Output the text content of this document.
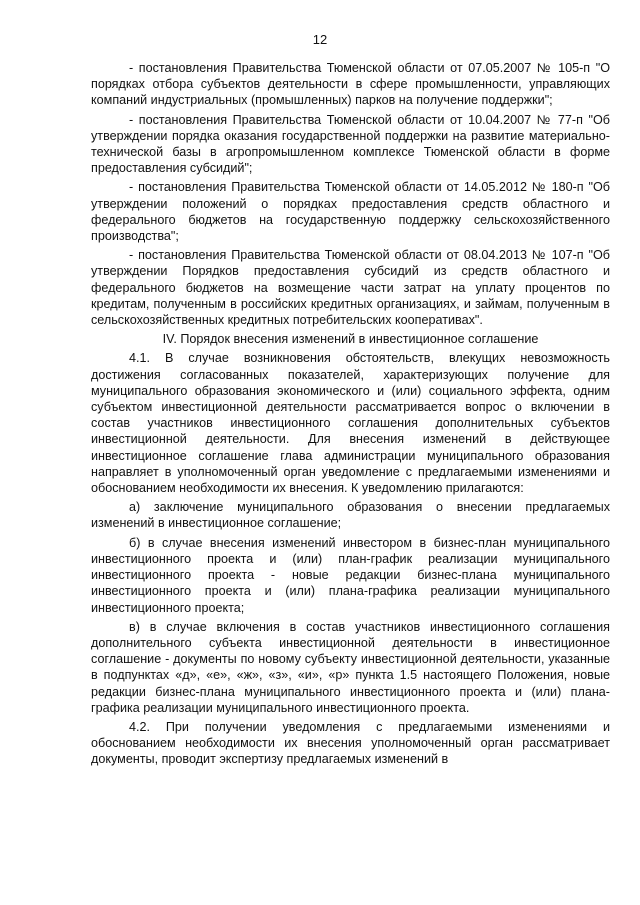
12

- постановления Правительства Тюменской области от 07.05.2007 № 105-п "О порядках отбора субъектов деятельности в сфере промышленности, управляющих компаний индустриальных (промышленных) парков на получение поддержки";

- постановления Правительства Тюменской области от 10.04.2007 № 77-п "Об утверждении порядка оказания государственной поддержки на развитие материально-технической базы в агропромышленном комплексе Тюменской области в форме предоставления субсидий";

- постановления Правительства Тюменской области от 14.05.2012 № 180-п "Об утверждении положений о порядках предоставления средств областного и федерального бюджетов на государственную поддержку сельскохозяйственного производства";

- постановления Правительства Тюменской области от 08.04.2013 № 107-п "Об утверждении Порядков предоставления субсидий из средств областного и федерального бюджетов на возмещение части затрат на уплату процентов по кредитам, полученным в российских кредитных организациях, и займам, полученным в сельскохозяйственных кредитных потребительских кооперативах".

IV. Порядок внесения изменений в инвестиционное соглашение

4.1. В случае возникновения обстоятельств, влекущих невозможность достижения согласованных показателей, характеризующих получение для муниципального образования экономического и (или) социального эффекта, одним субъектом инвестиционной деятельности рассматривается вопрос о включении в состав участников инвестиционного соглашения дополнительных субъектов инвестиционной деятельности. Для внесения изменений в действующее инвестиционное соглашение глава администрации муниципального образования направляет в уполномоченный орган уведомление с предлагаемыми изменениями и обоснованием необходимости их внесения. К уведомлению прилагаются:

а) заключение муниципального образования о внесении предлагаемых изменений в инвестиционное соглашение;

б) в случае внесения изменений инвестором в бизнес-план муниципального инвестиционного проекта и (или) план-график реализации муниципального инвестиционного проекта - новые редакции бизнес-плана муниципального инвестиционного проекта и (или) плана-графика реализации муниципального инвестиционного проекта;

в) в случае включения в состав участников инвестиционного соглашения дополнительного субъекта инвестиционной деятельности в инвестиционное соглашение - документы по новому субъекту инвестиционной деятельности, указанные в подпунктах «д», «е», «ж», «з», «и», «р» пункта 1.5 настоящего Положения, новые редакции бизнес-плана муниципального инвестиционного проекта и (или) плана-графика реализации муниципального инвестиционного проекта.

4.2. При получении уведомления с предлагаемыми изменениями и обоснованием необходимости их внесения уполномоченный орган рассматривает документы, проводит экспертизу предлагаемых изменений в
